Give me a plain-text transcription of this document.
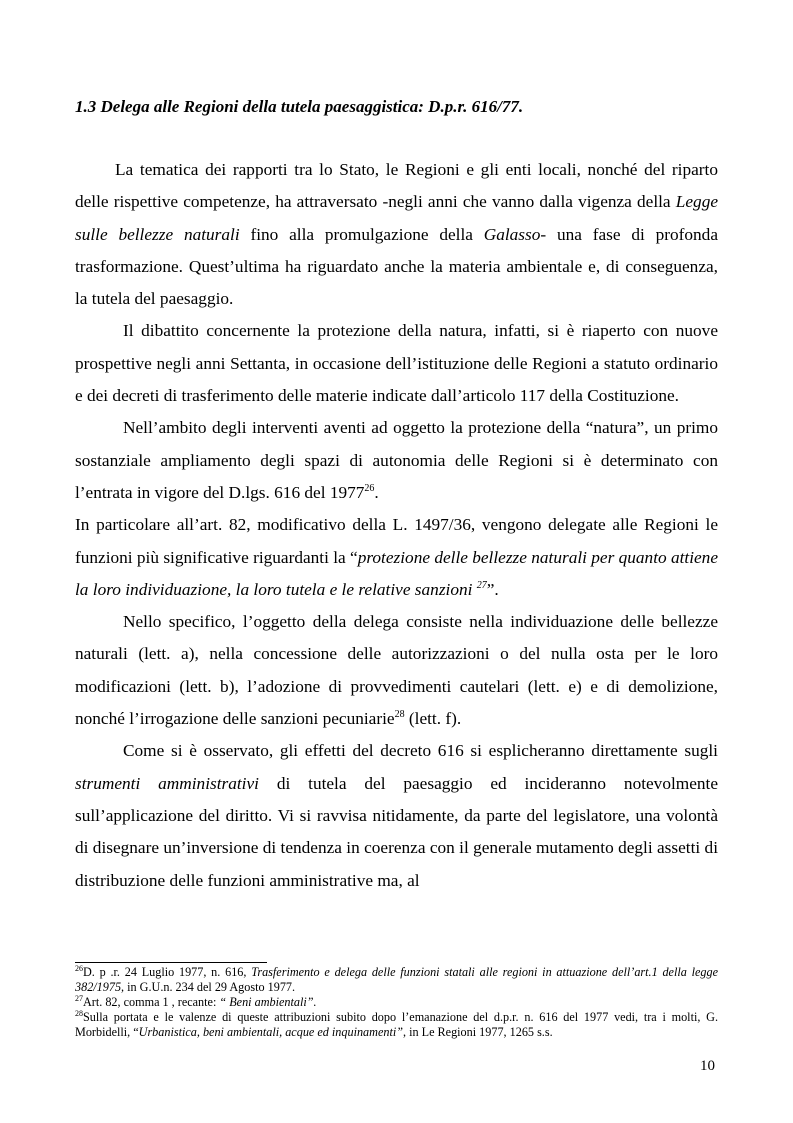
1.3 Delega alle Regioni della tutela paesaggistica: D.p.r. 616/77.

La tematica dei rapporti tra lo Stato, le Regioni e gli enti locali, nonché del riparto delle rispettive competenze, ha attraversato -negli anni che vanno dalla vigenza della Legge sulle bellezze naturali fino alla promulgazione della Galasso- una fase di profonda trasformazione. Quest’ultima ha riguardato anche la materia ambientale e, di conseguenza, la tutela del paesaggio.

Il dibattito concernente la protezione della natura, infatti, si è riaperto con nuove prospettive negli anni Settanta, in occasione dell’istituzione delle Regioni a statuto ordinario e dei decreti di trasferimento delle materie indicate dall’articolo 117 della Costituzione.

Nell’ambito degli interventi aventi ad oggetto la protezione della “natura”, un primo sostanziale ampliamento degli spazi di autonomia delle Regioni si è determinato con l’entrata in vigore del D.lgs. 616 del 1977$^{26}$.

In particolare all’art. 82, modificativo della L. 1497/36, vengono delegate alle Regioni le funzioni più significative riguardanti la “protezione delle bellezze naturali per quanto attiene la loro individuazione, la loro tutela e le relative sanzioni $^{27}$”.

Nello specifico, l’oggetto della delega consiste nella individuazione delle bellezze naturali (lett. a), nella concessione delle autorizzazioni o del nulla osta per le loro modificazioni (lett. b), l’adozione di provvedimenti cautelari (lett. e) e di demolizione, nonché l’irrogazione delle sanzioni pecuniarie$^{28}$ (lett. f).

Come si è osservato, gli effetti del decreto 616 si esplicheranno direttamente sugli strumenti amministrativi di tutela del paesaggio ed incideranno notevolmente sull’applicazione del diritto. Vi si ravvisa nitidamente, da parte del legislatore, una volontà di disegnare un’inversione di tendenza in coerenza con il generale mutamento degli assetti di distribuzione delle funzioni amministrative ma, al

$^{26}$D. p .r. 24 Luglio 1977, n. 616, Trasferimento e delega delle funzioni statali alle regioni in attuazione dell’art.1 della legge 382/1975, in G.U.n. 234 del 29 Agosto 1977.

$^{27}$Art. 82, comma 1 , recante: “ Beni ambientali”.

$^{28}$Sulla portata e le valenze di queste attribuzioni subito dopo l’emanazione del d.p.r. n. 616 del 1977 vedi, tra i molti, G. Morbidelli, “Urbanistica, beni ambientali, acque ed inquinamenti”, in Le Regioni 1977, 1265 s.s.

10
